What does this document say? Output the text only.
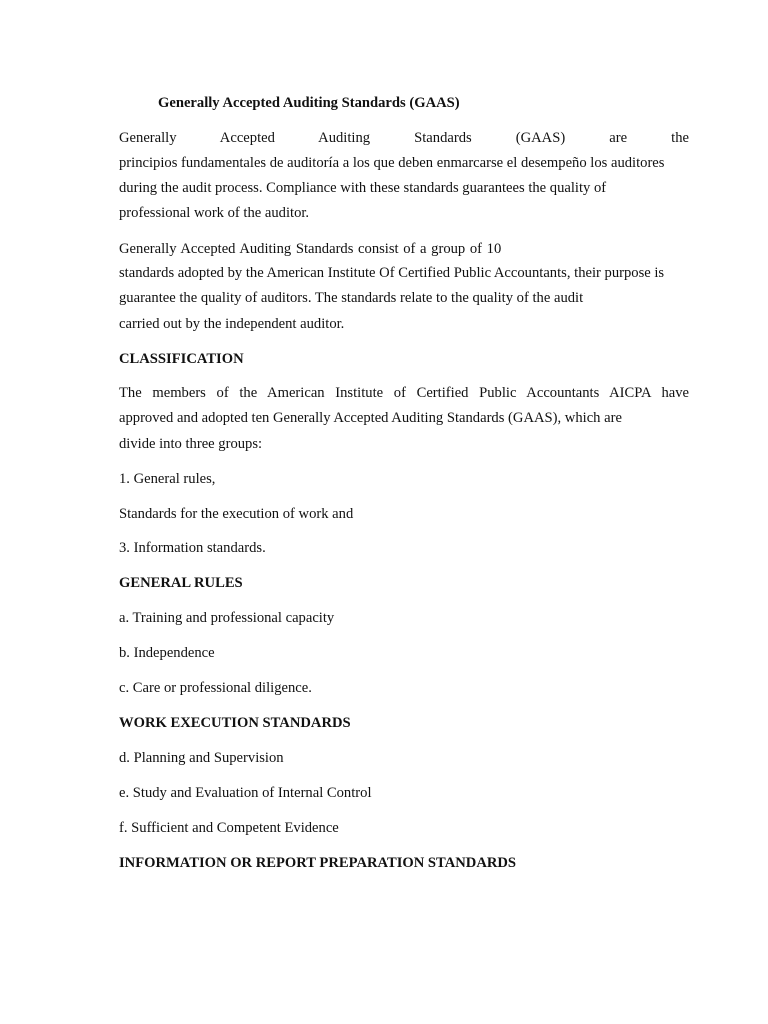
Generally Accepted Auditing Standards (GAAS)
Generally Accepted Auditing Standards (GAAS) are the
principios fundamentales de auditoría a los que deben enmarcarse el desempeño los auditores
during the audit process. Compliance with these standards guarantees the quality of
professional work of the auditor.
Generally Accepted Auditing Standards consist of a group of 10
standards adopted by the American Institute Of Certified Public Accountants, their purpose is
guarantee the quality of auditors. The standards relate to the quality of the audit
carried out by the independent auditor.
CLASSIFICATION
The members of the American Institute of Certified Public Accountants AICPA have
approved and adopted ten Generally Accepted Auditing Standards (GAAS), which are
divide into three groups:
1. General rules,
Standards for the execution of work and
3. Information standards.
GENERAL RULES
a. Training and professional capacity
b. Independence
c. Care or professional diligence.
WORK EXECUTION STANDARDS
d. Planning and Supervision
e. Study and Evaluation of Internal Control
f. Sufficient and Competent Evidence
INFORMATION OR REPORT PREPARATION STANDARDS
